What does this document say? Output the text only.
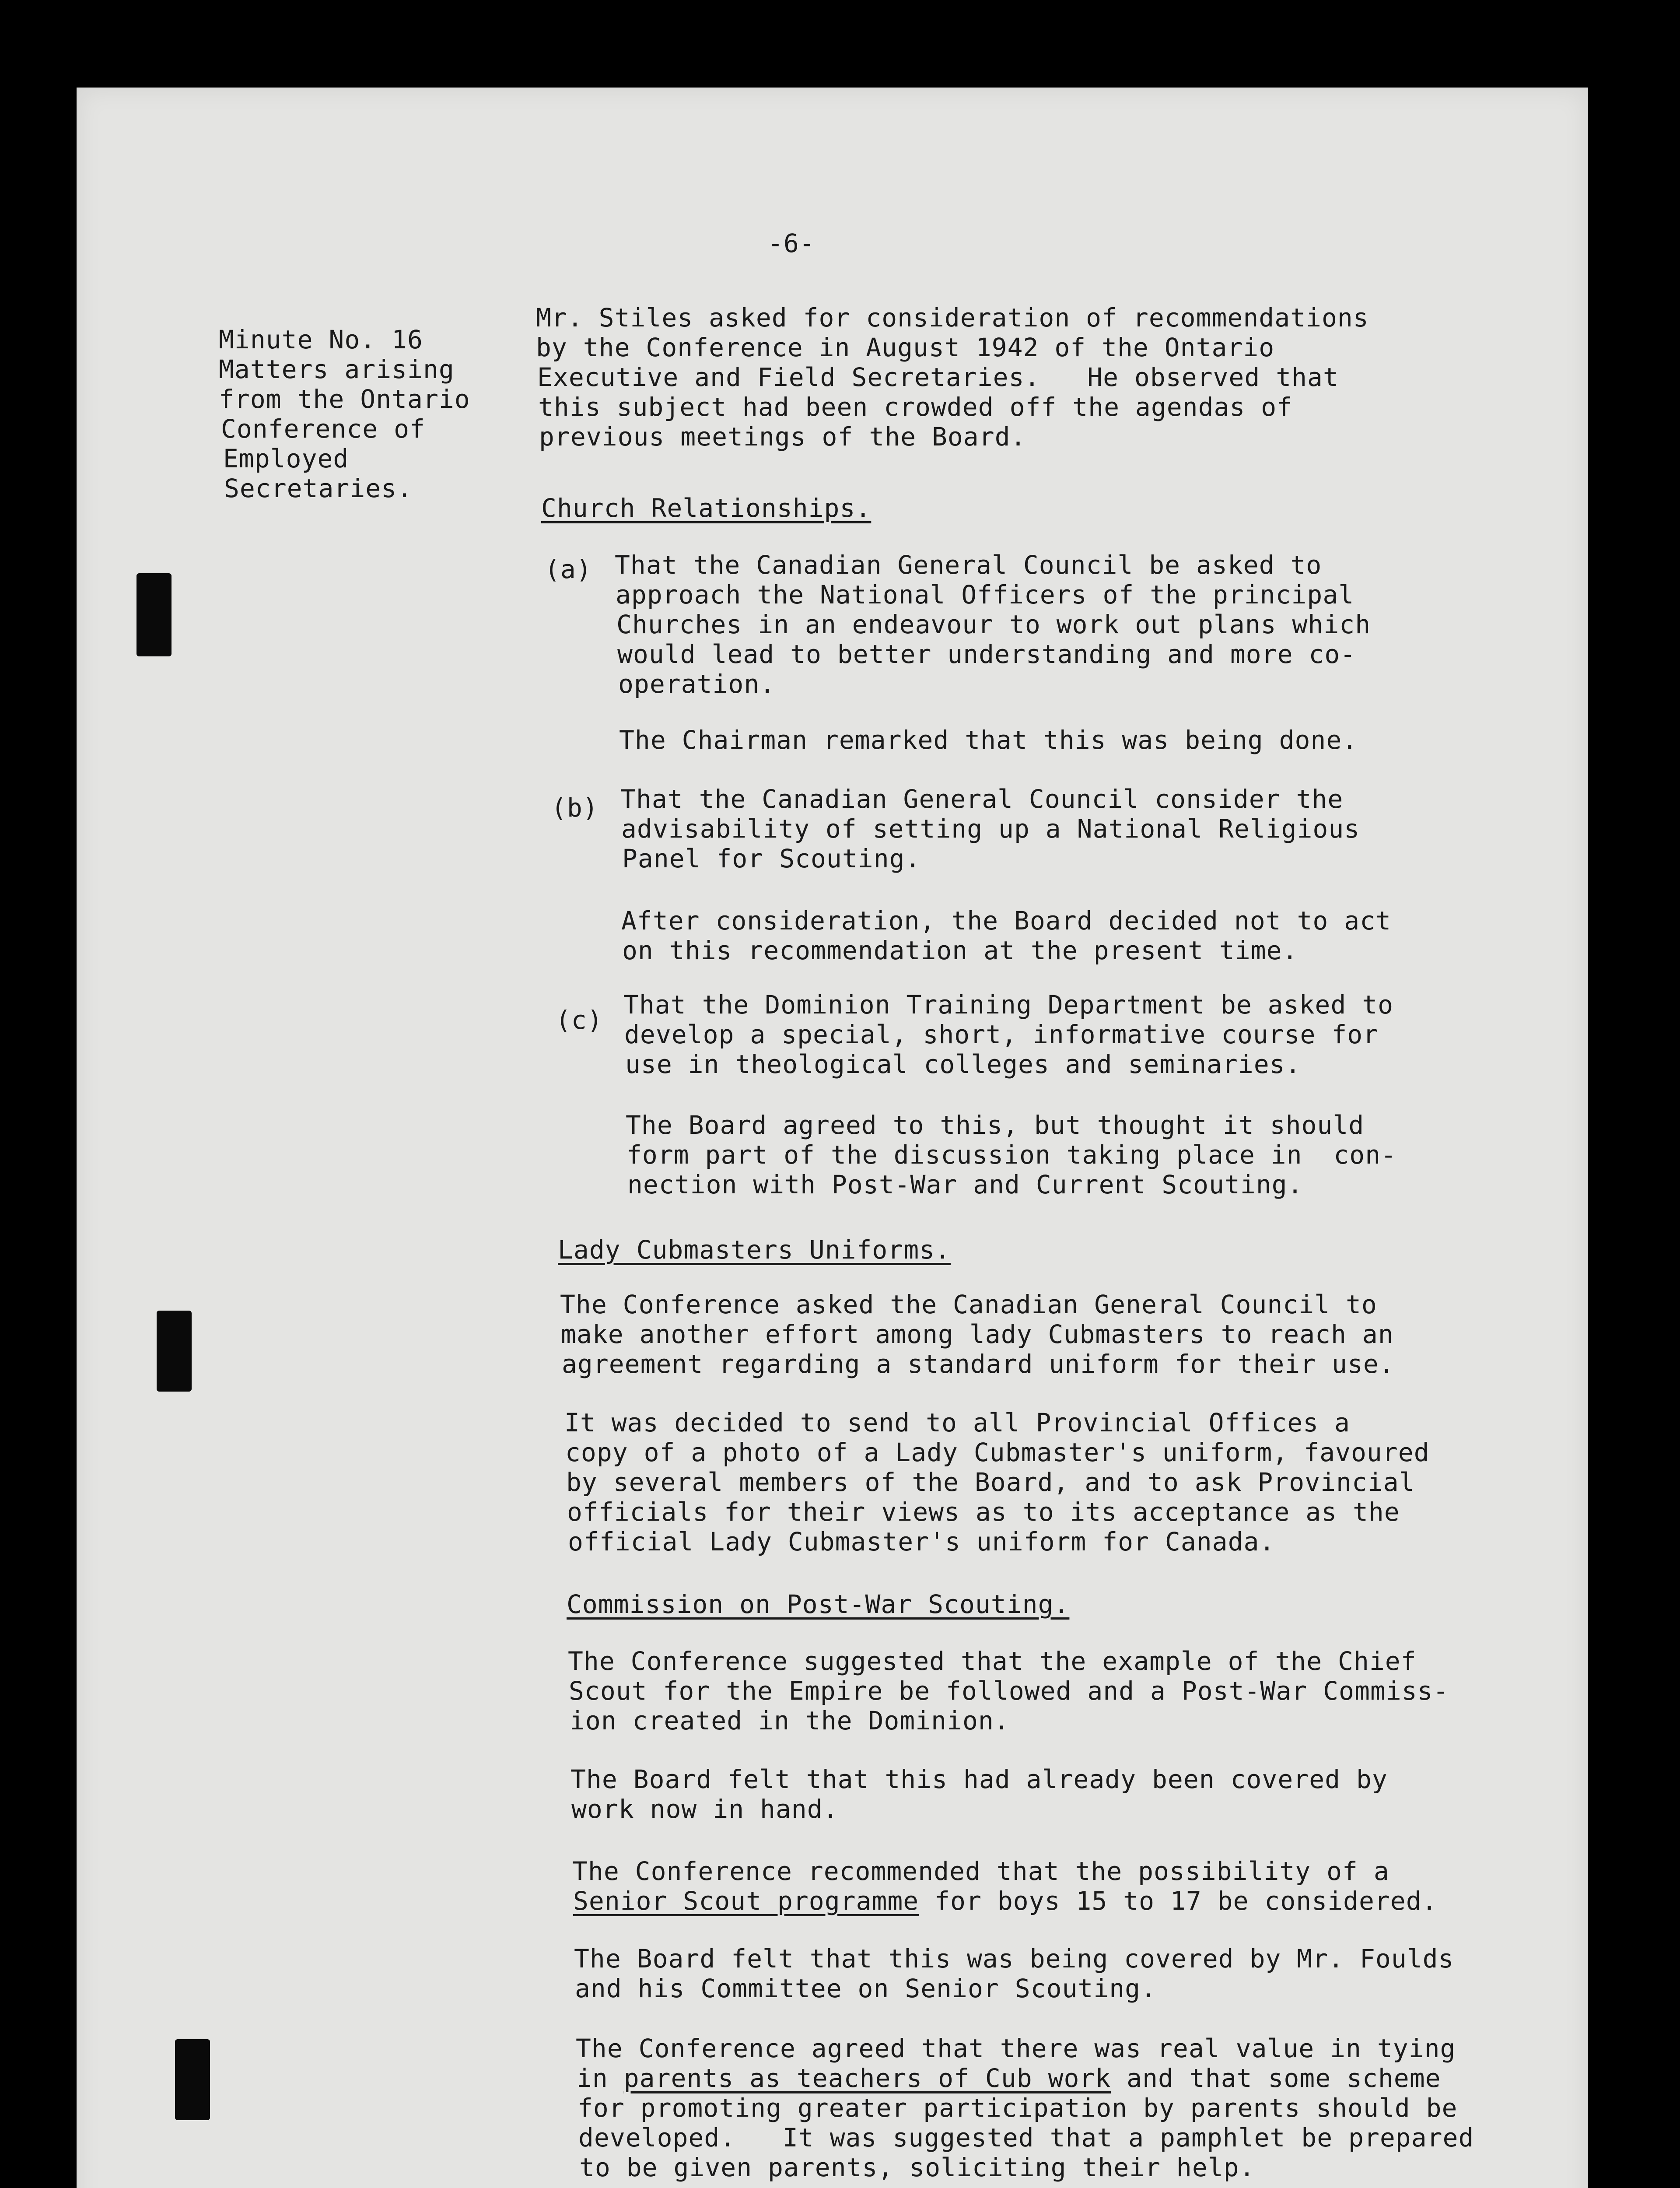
-6-

Minute No. 16

Matters arising

from the Ontario

Conference of

Employed

Secretaries.

Mr. Stiles asked for consideration of recommendations

by the Conference in August 1942 of the Ontario

Executive and Field Secretaries.   He observed that

this subject had been crowded off the agendas of

previous meetings of the Board.

Church Relationships.

(a) That the Canadian General Council be asked to

approach the National Officers of the principal

Churches in an endeavour to work out plans which

would lead to better understanding and more co-

operation.

The Chairman remarked that this was being done.

(b) That the Canadian General Council consider the

advisability of setting up a National Religious

Panel for Scouting.

After consideration, the Board decided not to act

on this recommendation at the present time.

(c)

That the Dominion Training Department be asked to

develop a special, short, informative course for

use in theological colleges and seminaries.

The Board agreed to this, but thought it should

form part of the discussion taking place in  con-

nection with Post-War and Current Scouting.

Lady Cubmasters Uniforms.

The Conference asked the Canadian General Council to

make another effort among lady Cubmasters to reach an

agreement regarding a standard uniform for their use.

It was decided to send to all Provincial Offices a

copy of a photo of a Lady Cubmaster's uniform, favoured

by several members of the Board, and to ask Provincial

officials for their views as to its acceptance as the

official Lady Cubmaster's uniform for Canada.

Commission on Post-War Scouting.

The Conference suggested that the example of the Chief

Scout for the Empire be followed and a Post-War Commiss-

ion created in the Dominion.

The Board felt that this had already been covered by

work now in hand.

The Conference recommended that the possibility of a

Senior Scout programme for boys 15 to 17 be considered.

The Board felt that this was being covered by Mr. Foulds

and his Committee on Senior Scouting.

The Conference agreed that there was real value in tying

in parents as teachers of Cub work and that some scheme

for promoting greater participation by parents should be

developed.   It was suggested that a pamphlet be prepared

to be given parents, soliciting their help.
